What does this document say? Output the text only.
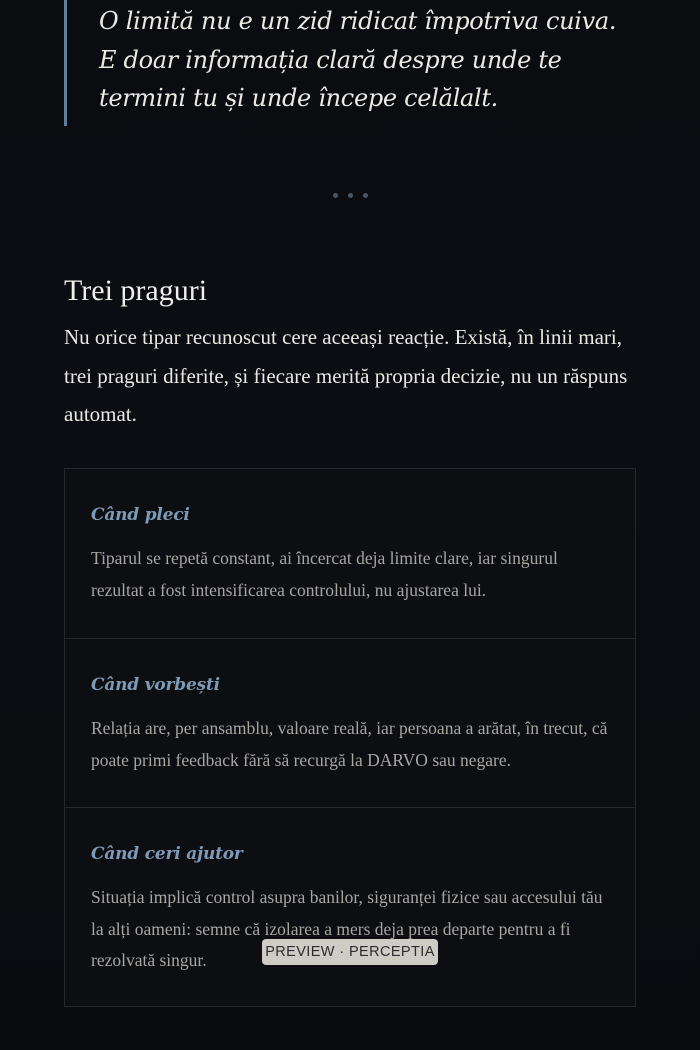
O limită nu e un zid ridicat împotriva cuiva. E doar informația clară despre unde te termini tu și unde începe celălalt.

Trei praguri

Nu orice tipar recunoscut cere aceeași reacție. Există, în linii mari, trei praguri diferite, și fiecare merită propria decizie, nu un răspuns automat.

Când pleci

Tiparul se repetă constant, ai încercat deja limite clare, iar singurul rezultat a fost intensificarea controlului, nu ajustarea lui.

Când vorbești

Relația are, per ansamblu, valoare reală, iar persoana a arătat, în trecut, că poate primi feedback fără să recurgă la DARVO sau negare.

Când ceri ajutor

Situația implică control asupra banilor, siguranței fizice sau accesului tău la alți oameni: semne că izolarea a mers deja prea departe pentru a fi rezolvată singur.	PREVIEW · PERCEPTIA
